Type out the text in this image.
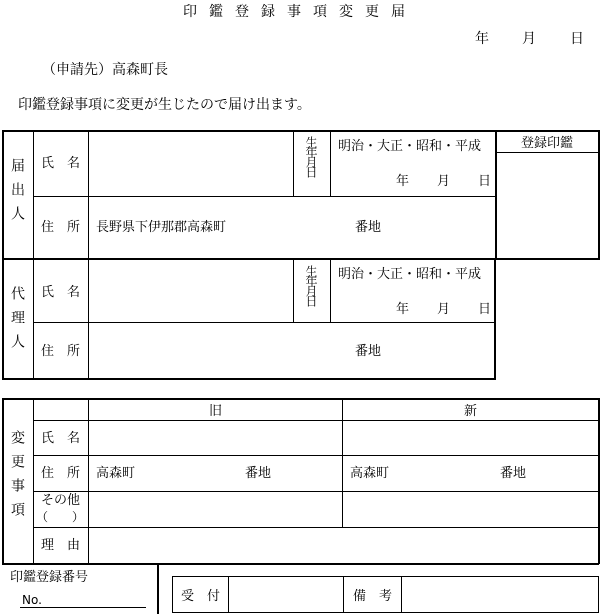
印鑑登録事項変更届
年 月 日
（申請先）高森町長
印鑑登録事項に変更が生じたので届け出ます。
登録印鑑
届出人 氏　名	生年月日 明治・大正・昭和・平成
年 月 日
住　所 長野県下伊那郡高森町	番地
代理人 氏　名	生年月日 明治・大正・昭和・平成
年 月 日
住　所	番地
変更事項
旧	新
氏　名
住　所 高森町	番地	高森町	番地
その他
（　　）
理　由
印鑑登録番号
No.	受　付	備　考
